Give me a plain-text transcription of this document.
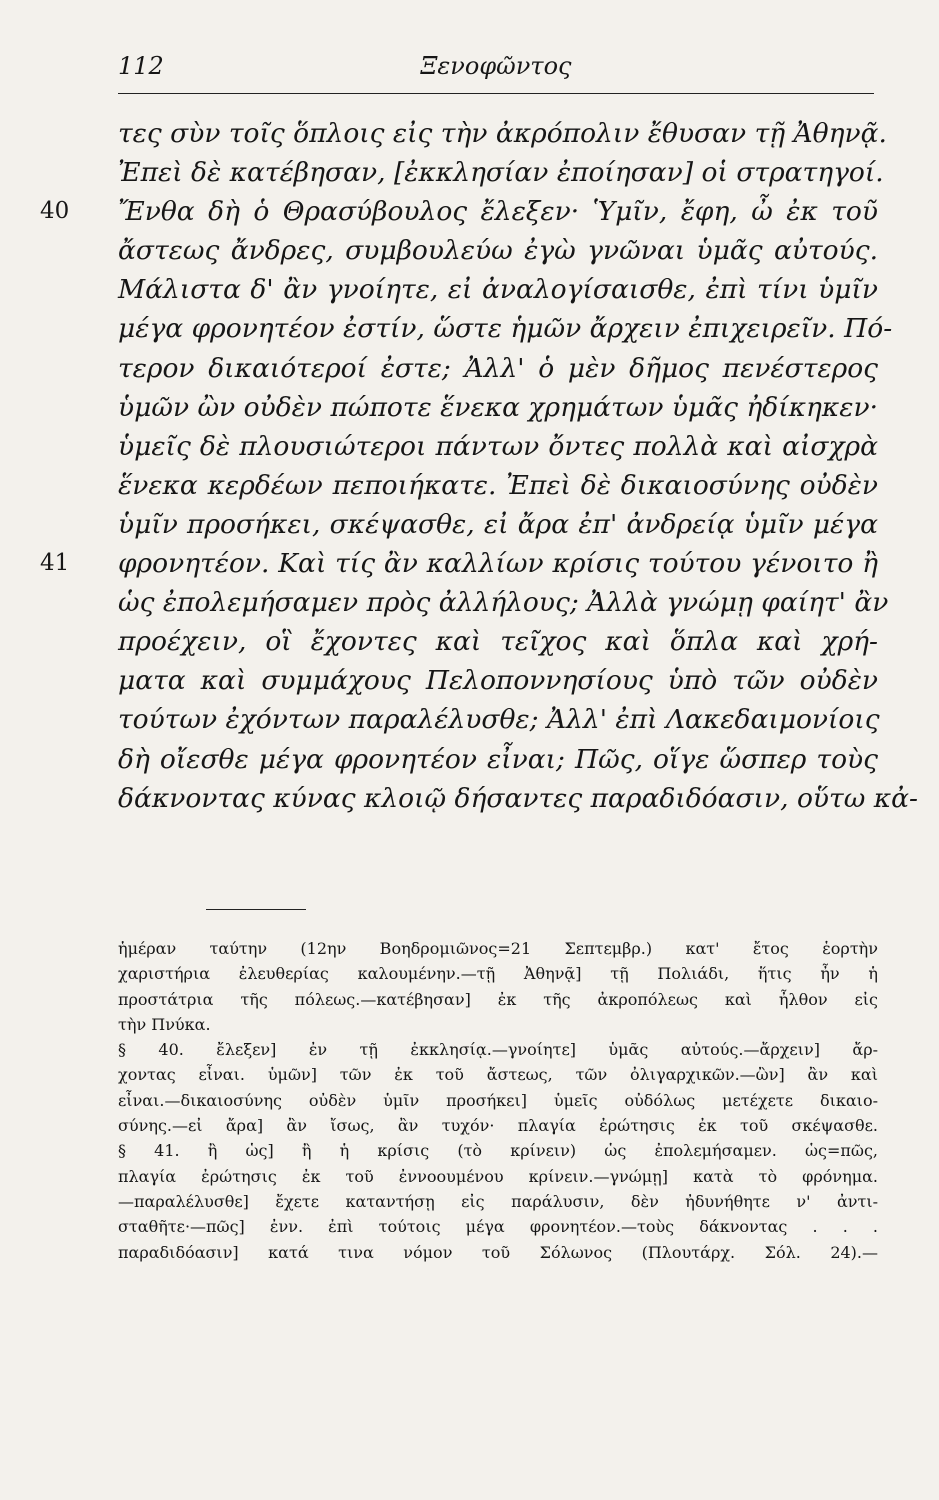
112	Ξενοφῶντος
τες σὺν τοῖς ὅπλοις εἰς τὴν ἀκρόπολιν ἔθυσαν τῇ Ἀθηνᾷ.
Ἐπεὶ δὲ κατέβησαν, [ἐκκλησίαν ἐποίησαν] οἱ στρατηγοί.
40	Ἔνθα δὴ ὁ Θρασύβουλος ἔλεξεν· Ὑμῖν, ἔφη, ὦ ἐκ τοῦ
ἄστεως ἄνδρες, συμβουλεύω ἐγὼ γνῶναι ὑμᾶς αὐτούς.
Μάλιστα δ' ἂν γνοίητε, εἰ ἀναλογίσαισθε, ἐπὶ τίνι ὑμῖν
μέγα φρονητέον ἐστίν, ὥστε ἡμῶν ἄρχειν ἐπιχειρεῖν. Πό-
τερον δικαιότεροί ἐστε; Ἀλλ' ὁ μὲν δῆμος πενέστερος
ὑμῶν ὢν οὐδὲν πώποτε ἕνεκα χρημάτων ὑμᾶς ἠδίκηκεν·
ὑμεῖς δὲ πλουσιώτεροι πάντων ὄντες πολλὰ καὶ αἰσχρὰ
ἕνεκα κερδέων πεποιήκατε. Ἐπεὶ δὲ δικαιοσύνης οὐδὲν
ὑμῖν προσήκει, σκέψασθε, εἰ ἄρα ἐπ' ἀνδρείᾳ ὑμῖν μέγα
41	φρονητέον. Καὶ τίς ἂν καλλίων κρίσις τούτου γένοιτο ἢ
ὡς ἐπολεμήσαμεν πρὸς ἀλλήλους; Ἀλλὰ γνώμῃ φαίητ' ἂν
προέχειν, οἳ ἔχοντες καὶ τεῖχος καὶ ὅπλα καὶ χρή-
ματα καὶ συμμάχους Πελοποννησίους ὑπὸ τῶν οὐδὲν
τούτων ἐχόντων παραλέλυσθε; Ἀλλ' ἐπὶ Λακεδαιμονίοις
δὴ οἴεσθε μέγα φρονητέον εἶναι; Πῶς, οἵγε ὥσπερ τοὺς
δάκνοντας κύνας κλοιῷ δήσαντες παραδιδόασιν, οὕτω κἀ-
ἡμέραν ταύτην (12ην Βοηδρομιῶνος=21 Σεπτεμβρ.) κατ' ἔτος ἑορτὴν
χαριστήρια ἐλευθερίας καλουμένην.—τῇ Ἀθηνᾷ] τῇ Πολιάδι, ἥτις ἦν ἡ
προστάτρια τῆς πόλεως.—κατέβησαν] ἐκ τῆς ἀκροπόλεως καὶ ἦλθον εἰς
τὴν Πνύκα.
§ 40. ἔλεξεν] ἐν τῇ ἐκκλησίᾳ.—γνοίητε] ὑμᾶς αὐτούς.—ἄρχειν] ἄρ-
χοντας εἶναι. ὑμῶν] τῶν ἐκ τοῦ ἄστεως, τῶν ὀλιγαρχικῶν.—ὢν] ἂν καὶ
εἶναι.—δικαιοσύνης οὐδὲν ὑμῖν προσήκει] ὑμεῖς οὐδόλως μετέχετε δικαιο-
σύνης.—εἰ ἄρα] ἂν ἴσως, ἂν τυχόν· πλαγία ἐρώτησις ἐκ τοῦ σκέψασθε.
§ 41. ἢ ὡς] ἢ ἡ κρίσις (τὸ κρίνειν) ὡς ἐπολεμήσαμεν. ὡς=πῶς,
πλαγία ἐρώτησις ἐκ τοῦ ἐννοουμένου κρίνειν.—γνώμῃ] κατὰ τὸ φρόνημα.
—παραλέλυσθε] ἔχετε καταντήσῃ εἰς παράλυσιν, δὲν ἠδυνήθητε ν' ἀντι-
σταθῆτε·—πῶς] ἐνν. ἐπὶ τούτοις μέγα φρονητέον.—τοὺς δάκνοντας . . .
παραδιδόασιν] κατά τινα νόμον τοῦ Σόλωνος (Πλουτάρχ. Σόλ. 24).—
